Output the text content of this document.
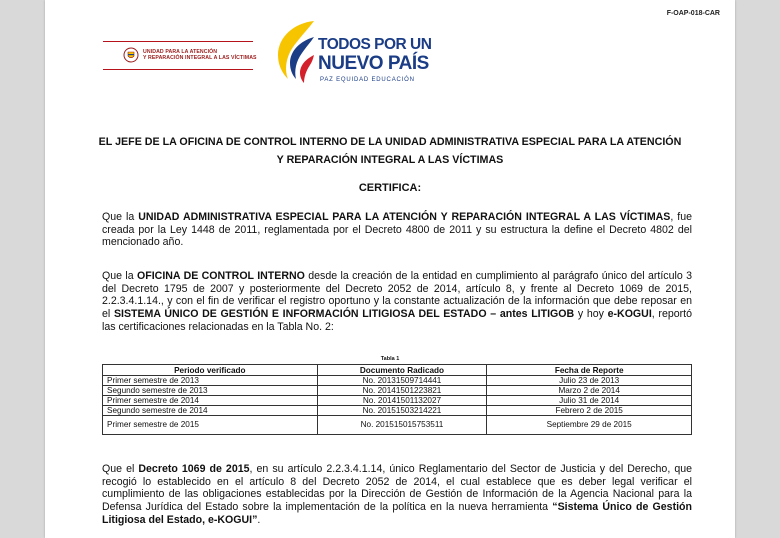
F-OAP-018-CAR
UNIDAD PARA LA ATENCIÓN
Y REPARACIÓN INTEGRAL A LAS VÍCTIMAS
TODOS POR UN
NUEVO PAÍS
PAZ EQUIDAD EDUCACIÓN
EL JEFE DE LA OFICINA DE CONTROL INTERNO DE LA UNIDAD ADMINISTRATIVA ESPECIAL PARA LA ATENCIÓN
Y REPARACIÓN INTEGRAL A LAS VÍCTIMAS
CERTIFICA:
Que la UNIDAD ADMINISTRATIVA ESPECIAL PARA LA ATENCIÓN Y REPARACIÓN INTEGRAL A LAS VÍCTIMAS, fue creada por la Ley 1448 de 2011, reglamentada por el Decreto 4800 de 2011 y su estructura la define el Decreto 4802 del mencionado año.
Que la OFICINA DE CONTROL INTERNO desde la creación de la entidad en cumplimiento al parágrafo único del artículo 3 del Decreto 1795 de 2007 y posteriormente del Decreto 2052 de 2014, artículo 8, y frente al Decreto 1069 de 2015, 2.2.3.4.1.14., y con el fin de verificar el registro oportuno y la constante actualización de la información que debe reposar en el SISTEMA ÚNICO DE GESTIÓN E INFORMACIÓN LITIGIOSA DEL ESTADO – antes LITIGOB y hoy e-KOGUI, reportó las certificaciones relacionadas en la Tabla No. 2:
Tabla 1
Periodo verificado	Documento Radicado	Fecha de Reporte
Primer semestre de 2013	No. 20131509714441	Julio 23 de 2013
Segundo semestre de 2013	No. 20141501223821	Marzo 2 de 2014
Primer semestre de 2014	No. 20141501132027	Julio 31 de 2014
Segundo semestre de 2014	No. 20151503214221	Febrero 2 de 2015
Primer semestre de 2015	No. 201515015753511	Septiembre 29 de 2015
Que el Decreto 1069 de 2015, en su artículo 2.2.3.4.1.14, único Reglamentario del Sector de Justicia y del Derecho, que recogió lo establecido en el artículo 8 del Decreto 2052 de 2014, el cual establece que es deber legal verificar el cumplimiento de las obligaciones establecidas por la Dirección de Gestión de Información de la Agencia Nacional para la Defensa Jurídica del Estado sobre la implementación de la política en la nueva herramienta “Sistema Único de Gestión Litigiosa del Estado, e-KOGUI”.
